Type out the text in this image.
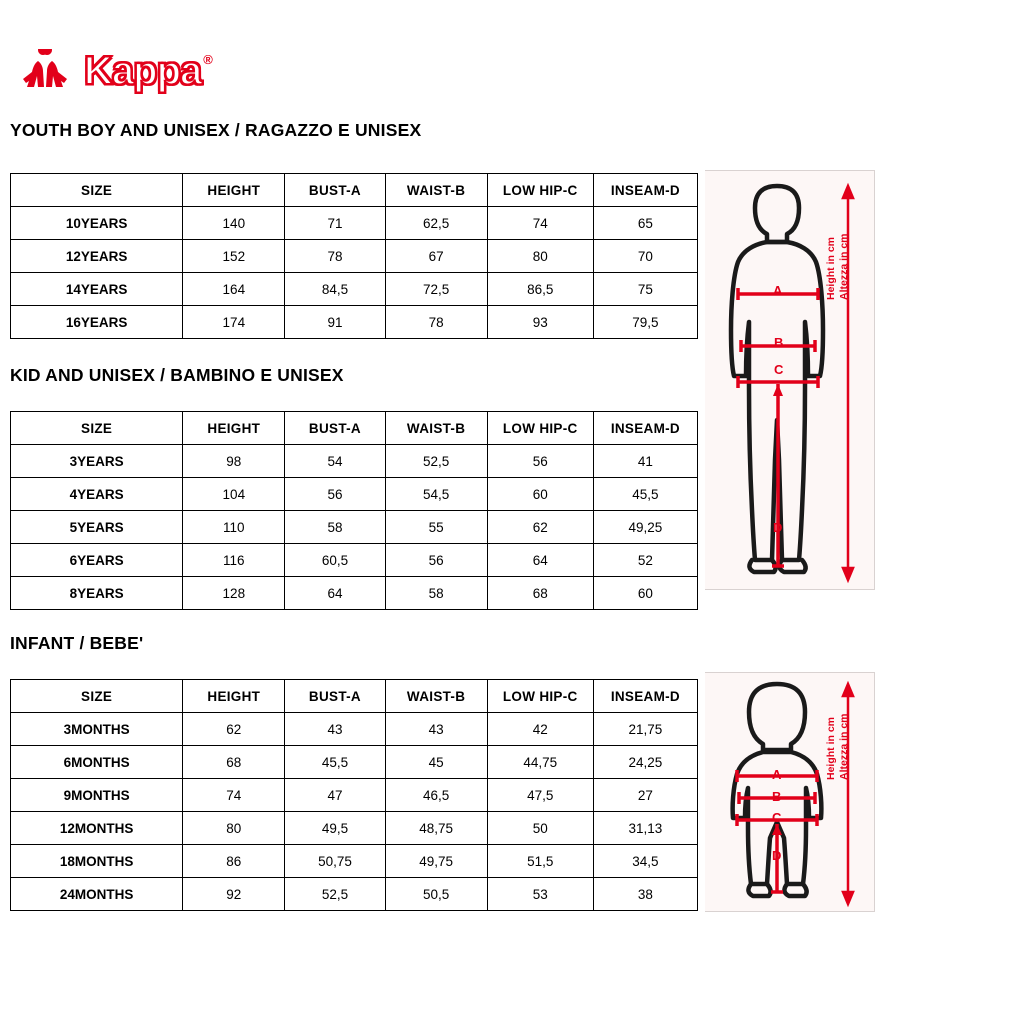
Kappa ®
YOUTH BOY AND UNISEX / RAGAZZO E UNISEX
SIZE	HEIGHT	BUST-A	WAIST-B	LOW HIP-C	INSEAM-D
10YEARS	140	71	62,5	74	65
12YEARS	152	78	67	80	70
14YEARS	164	84,5	72,5	86,5	75
16YEARS	174	91	78	93	79,5
KID AND UNISEX / BAMBINO E UNISEX
SIZE	HEIGHT	BUST-A	WAIST-B	LOW HIP-C	INSEAM-D
3YEARS	98	54	52,5	56	41
4YEARS	104	56	54,5	60	45,5
5YEARS	110	58	55	62	49,25
6YEARS	116	60,5	56	64	52
8YEARS	128	64	58	68	60
INFANT / BEBE'
SIZE	HEIGHT	BUST-A	WAIST-B	LOW HIP-C	INSEAM-D
3MONTHS	62	43	43	42	21,75
6MONTHS	68	45,5	45	44,75	24,25
9MONTHS	74	47	46,5	47,5	27
12MONTHS	80	49,5	48,75	50	31,13
18MONTHS	86	50,75	49,75	51,5	34,5
24MONTHS	92	52,5	50,5	53	38
A
B
C
D
Height in cm Altezza in cm
A
B
C
D
Height in cm Altezza in cm
